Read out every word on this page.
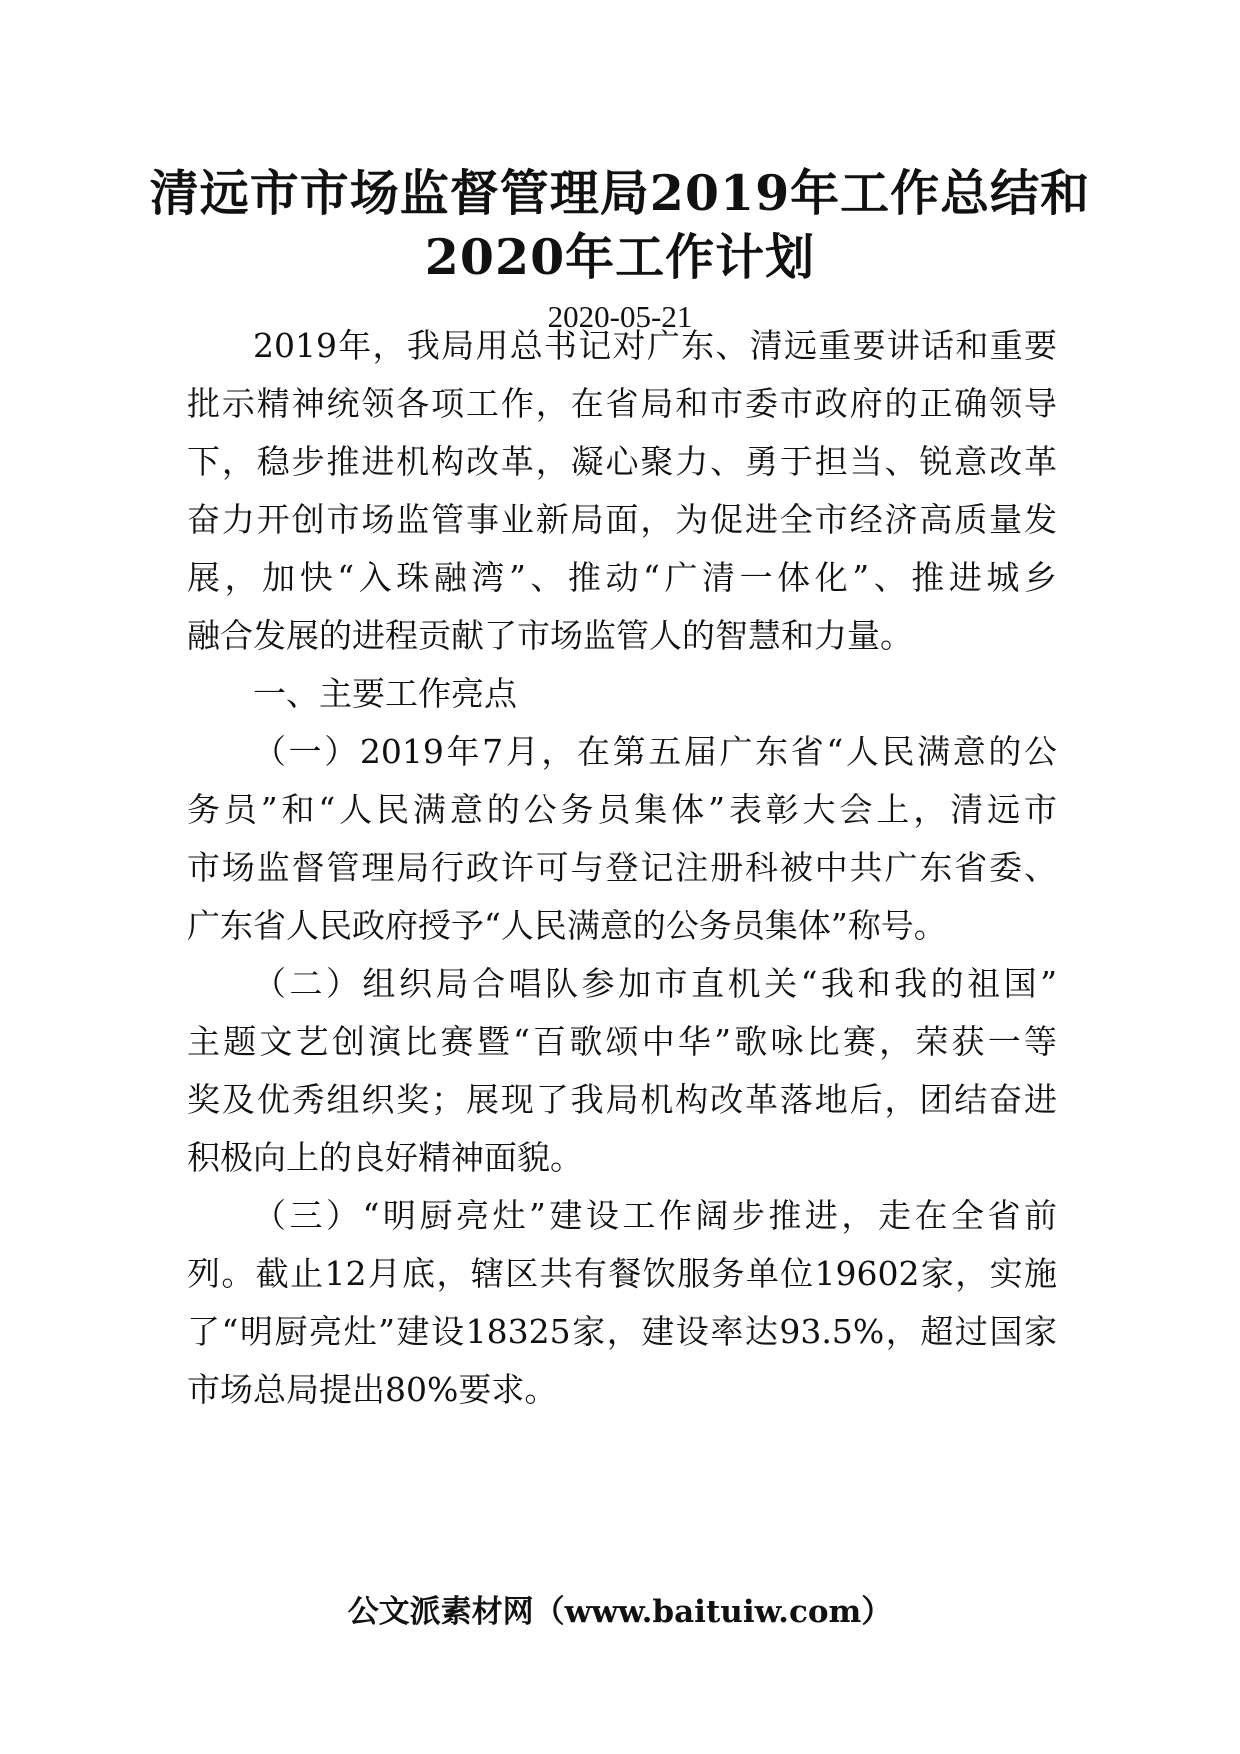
清远市市场监督管理局2019年工作总结和
2020年工作计划
2020-05-21
2019年，我局用总书记对广东、清远重要讲话和重要
批示精神统领各项工作，在省局和市委市政府的正确领导
下，稳步推进机构改革，凝心聚力、勇于担当、锐意改革
奋力开创市场监管事业新局面，为促进全市经济高质量发
展，加快“入珠融湾”、推动“广清一体化”、推进城乡
融合发展的进程贡献了市场监管人的智慧和力量。
一、主要工作亮点
（一）2019年7月，在第五届广东省“人民满意的公
务员”和“人民满意的公务员集体”表彰大会上，清远市
市场监督管理局行政许可与登记注册科被中共广东省委、
广东省人民政府授予“人民满意的公务员集体”称号。
（二）组织局合唱队参加市直机关“我和我的祖国”
主题文艺创演比赛暨“百歌颂中华”歌咏比赛，荣获一等
奖及优秀组织奖；展现了我局机构改革落地后，团结奋进
积极向上的良好精神面貌。
（三）“明厨亮灶”建设工作阔步推进，走在全省前
列。截止12月底，辖区共有餐饮服务单位19602家，实施
了“明厨亮灶”建设18325家，建设率达93.5%，超过国家
市场总局提出80%要求。
公文派素材网（www.baituiw.com）
